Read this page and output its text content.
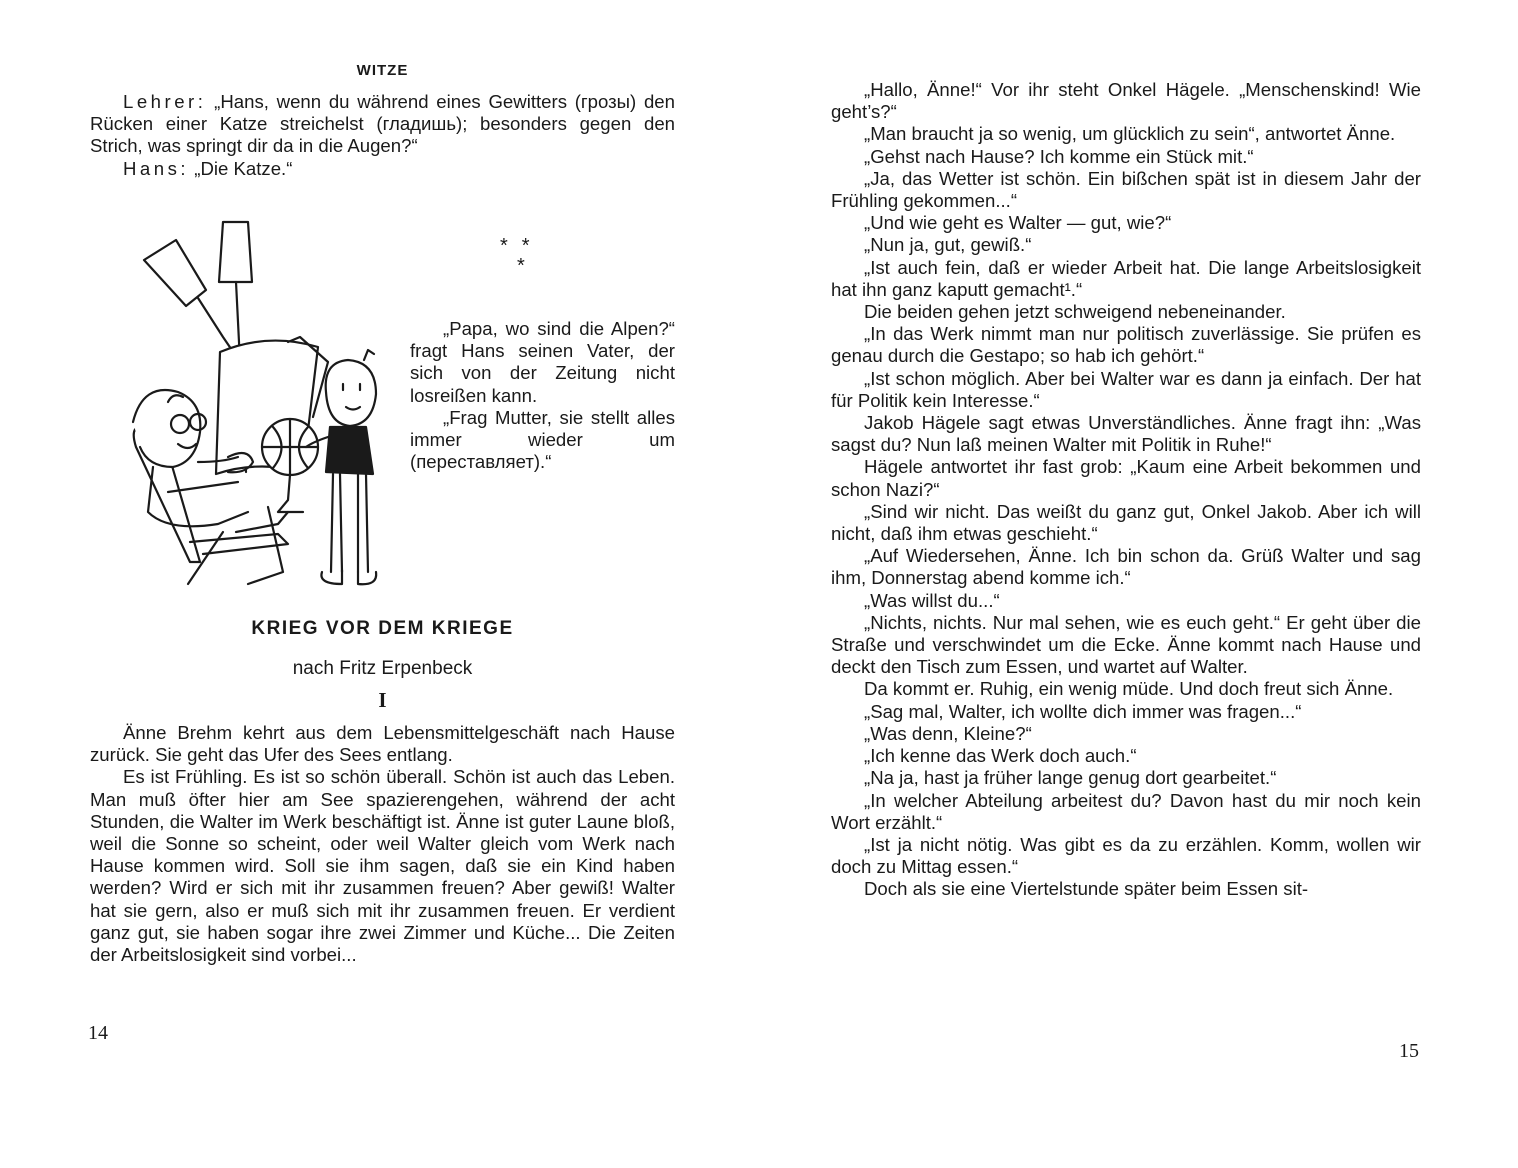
WITZE

Lehrer: „Hans, wenn du während eines Gewitters (грозы) den Rücken einer Katze streichelst (гладишь); besonders gegen den Strich, was springt dir da in die Augen?“

Hans: „Die Katze.“

* *
*

„Papa, wo sind die Alpen?“ fragt Hans seinen Vater, der sich von der Zeitung nicht losreißen kann.

„Frag Mutter, sie stellt alles immer wieder um (переставляет).“

KRIEG VOR DEM KRIEGE
nach Fritz Erpenbeck
I

Änne Brehm kehrt aus dem Lebensmittelgeschäft nach Hause zurück. Sie geht das Ufer des Sees entlang.

Es ist Frühling. Es ist so schön überall. Schön ist auch das Leben. Man muß öfter hier am See spazierengehen, während der acht Stunden, die Walter im Werk beschäftigt ist. Änne ist guter Laune bloß, weil die Sonne so scheint, oder weil Walter gleich vom Werk nach Hause kommen wird. Soll sie ihm sagen, daß sie ein Kind haben werden? Wird er sich mit ihr zusammen freuen? Aber gewiß! Walter hat sie gern, also er muß sich mit ihr zusammen freuen. Er verdient ganz gut, sie haben sogar ihre zwei Zimmer und Küche... Die Zeiten der Arbeitslosigkeit sind vorbei...

14

„Hallo, Änne!“ Vor ihr steht Onkel Hägele. „Menschenskind! Wie geht’s?“

„Man braucht ja so wenig, um glücklich zu sein“, antwortet Änne.

„Gehst nach Hause? Ich komme ein Stück mit.“

„Ja, das Wetter ist schön. Ein bißchen spät ist in diesem Jahr der Frühling gekommen...“

„Und wie geht es Walter — gut, wie?“

„Nun ja, gut, gewiß.“

„Ist auch fein, daß er wieder Arbeit hat. Die lange Arbeitslosigkeit hat ihn ganz kaputt gemacht¹.“

Die beiden gehen jetzt schweigend nebeneinander.

„In das Werk nimmt man nur politisch zuverlässige. Sie prüfen es genau durch die Gestapo; so hab ich gehört.“

„Ist schon möglich. Aber bei Walter war es dann ja einfach. Der hat für Politik kein Interesse.“

Jakob Hägele sagt etwas Unverständliches. Änne fragt ihn: „Was sagst du? Nun laß meinen Walter mit Politik in Ruhe!“

Hägele antwortet ihr fast grob: „Kaum eine Arbeit bekommen und schon Nazi?“

„Sind wir nicht. Das weißt du ganz gut, Onkel Jakob. Aber ich will nicht, daß ihm etwas geschieht.“

„Auf Wiedersehen, Änne. Ich bin schon da. Grüß Walter und sag ihm, Donnerstag abend komme ich.“

„Was willst du...“

„Nichts, nichts. Nur mal sehen, wie es euch geht.“ Er geht über die Straße und verschwindet um die Ecke. Änne kommt nach Hause und deckt den Tisch zum Essen, und wartet auf Walter.

Da kommt er. Ruhig, ein wenig müde. Und doch freut sich Änne.

„Sag mal, Walter, ich wollte dich immer was fragen...“

„Was denn, Kleine?“

„Ich kenne das Werk doch auch.“

„Na ja, hast ja früher lange genug dort gearbeitet.“

„In welcher Abteilung arbeitest du? Davon hast du mir noch kein Wort erzählt.“

„Ist ja nicht nötig. Was gibt es da zu erzählen. Komm, wollen wir doch zu Mittag essen.“

Doch als sie eine Viertelstunde später beim Essen sit-

15
